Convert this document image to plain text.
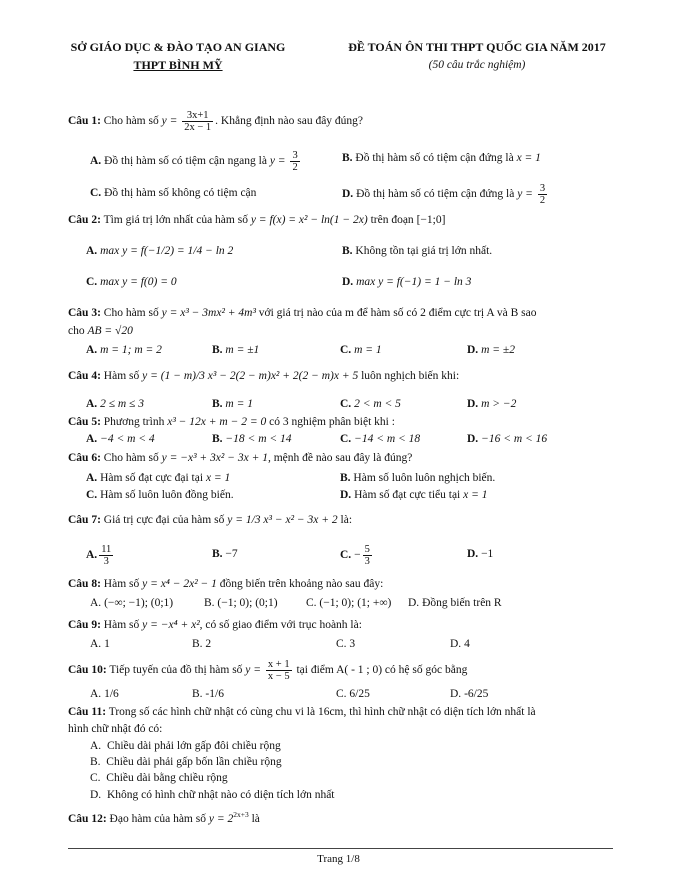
SỞ GIÁO DỤC & ĐÀO TẠO AN GIANG
THPT BÌNH MỸ
ĐỀ TOÁN ÔN THI THPT QUỐC GIA NĂM 2017
(50 câu trắc nghiệm)
Câu 1: Cho hàm số $y = \frac{3x+1}{2x - 1}$ . Khẳng định nào sau đây đúng?
A. Đồ thị hàm số có tiệm cận ngang là $y = \frac{3}{2}$	B. Đồ thị hàm số có tiệm cận đứng là x = 1
C. Đồ thị hàm số không có tiệm cận	D. Đồ thị hàm số có tiệm cận đứng là $y = \frac{3}{2}$
Câu 2: Tìm giá trị lớn nhất của hàm số y = f(x) = x² − ln(1 − 2x) trên đoạn [−1;0]
A. max y = f(−1/2) = 1/4 − ln 2	B. Không tồn tại giá trị lớn nhất.
C. max y = f(0) = 0	D. max y = f(−1) = 1 − ln 3
Câu 3: Cho hàm số y = x³ − 3mx² + 4m³ với giá trị nào của m để hàm số có 2 điểm cực trị A và B sao
cho AB = √20
A. m = 1; m = 2	B. m = ±1	C. m = 1	D. m = ±2
Câu 4: Hàm số y = (1 − m)/3 x³ − 2(2 − m)x² + 2(2 − m)x + 5 luôn nghịch biến khi:
A. 2 ≤ m ≤ 3	B. m = 1	C. 2 < m < 5	D. m > −2
Câu 5: Phương trình x³ − 12x + m − 2 = 0 có 3 nghiệm phân biệt khi :
A. −4 < m < 4	B. −18 < m < 14	C. −14 < m < 18	D. −16 < m < 16
Câu 6: Cho hàm số y = −x³ + 3x² − 3x + 1, mệnh đề nào sau đây là đúng?
A. Hàm số đạt cực đại tại x = 1	B. Hàm số luôn luôn nghịch biến.
C. Hàm số luôn luôn đồng biến.	D. Hàm số đạt cực tiểu tại x = 1
Câu 7: Giá trị cực đại của hàm số y = 1/3 x³ − x² − 3x + 2 là:
A. $\frac{11}{3}$	B. −7	C. − $\frac{5}{3}$	D. −1
Câu 8: Hàm số y = x⁴ − 2x² − 1 đồng biến trên khoảng nào sau đây:
A. (−∞; −1); (0;1)	B. (−1; 0); (0;1) C. (−1; 0); (1; +∞) D. Đồng biến trên R
Câu 9: Hàm số y = −x⁴ + x², có số giao điểm với trục hoành là:
A. 1	B. 2	C. 3	D. 4
Câu 10: Tiếp tuyến của đồ thị hàm số $y = \frac{x + 1}{x - 5}$ tại điểm A( - 1 ; 0) có hệ số góc bằng
A. 1/6	B. -1/6	C. 6/25	D. -6/25
Câu 11: Trong số các hình chữ nhật có cùng chu vi là 16cm, thì hình chữ nhật có diện tích lớn nhất là
hình chữ nhật đó có:
A. Chiều dài phải lớn gấp đôi chiều rộng
B. Chiều dài phải gấp bốn lần chiều rộng
C. Chiều dài bằng chiều rộng
D. Không có hình chữ nhật nào có diện tích lớn nhất
Câu 12: Đạo hàm của hàm số $y = 2^{2x+3}$ là
Trang 1/8
